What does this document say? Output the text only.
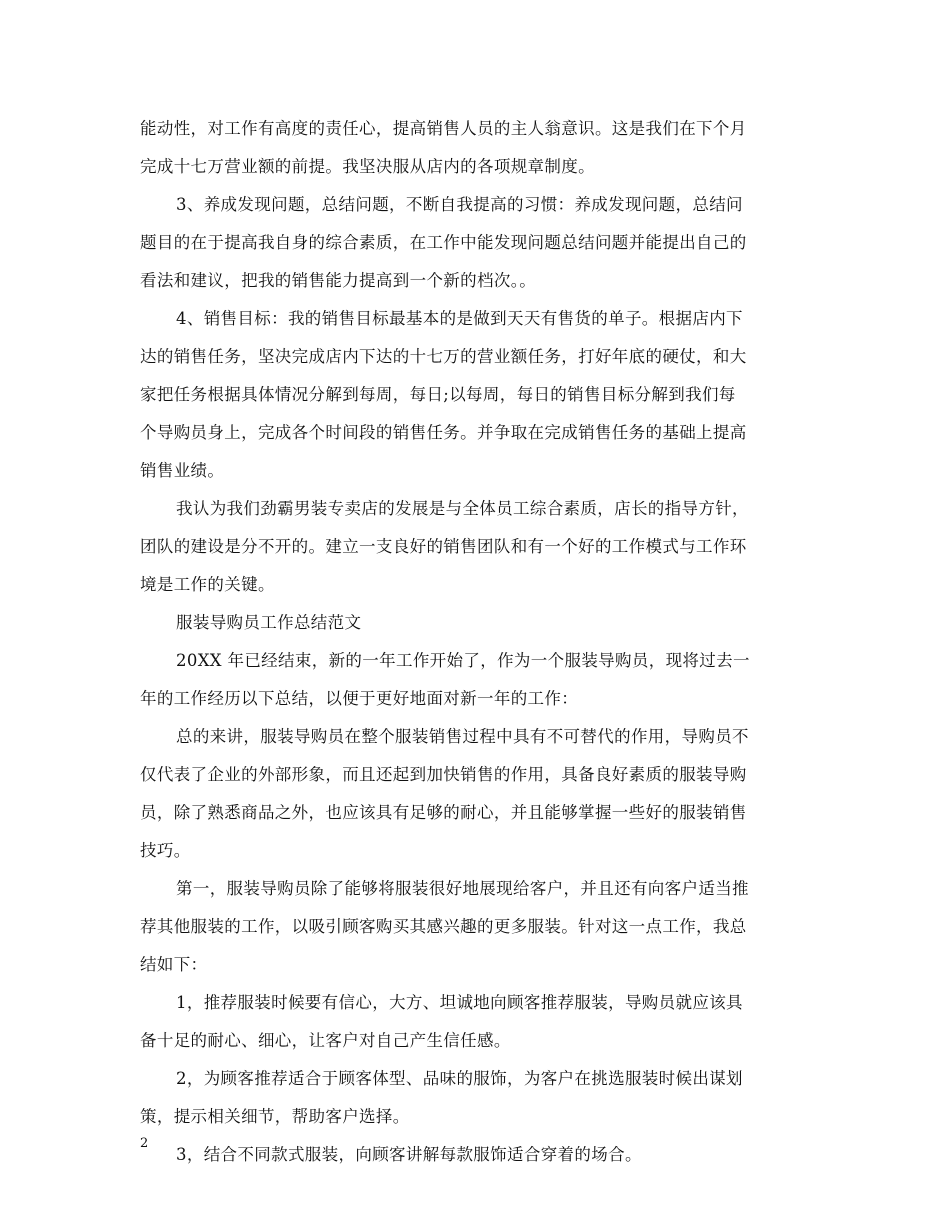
能动性，对工作有高度的责任心，提高销售人员的主人翁意识。这是我们在下个月
完成十七万营业额的前提。我坚决服从店内的各项规章制度。
3、养成发现问题，总结问题，不断自我提高的习惯：养成发现问题，总结问
题目的在于提高我自身的综合素质，在工作中能发现问题总结问题并能提出自己的
看法和建议，把我的销售能力提高到一个新的档次。。
4、销售目标：我的销售目标最基本的是做到天天有售货的单子。根据店内下
达的销售任务，坚决完成店内下达的十七万的营业额任务，打好年底的硬仗，和大
家把任务根据具体情况分解到每周，每日;以每周，每日的销售目标分解到我们每
个导购员身上，完成各个时间段的销售任务。并争取在完成销售任务的基础上提高
销售业绩。
我认为我们劲霸男装专卖店的发展是与全体员工综合素质，店长的指导方针，
团队的建设是分不开的。建立一支良好的销售团队和有一个好的工作模式与工作环
境是工作的关键。
服装导购员工作总结范文
20XX 年已经结束，新的一年工作开始了，作为一个服装导购员，现将过去一
年的工作经历以下总结，以便于更好地面对新一年的工作：
总的来讲，服装导购员在整个服装销售过程中具有不可替代的作用，导购员不
仅代表了企业的外部形象，而且还起到加快销售的作用，具备良好素质的服装导购
员，除了熟悉商品之外，也应该具有足够的耐心，并且能够掌握一些好的服装销售
技巧。
第一，服装导购员除了能够将服装很好地展现给客户，并且还有向客户适当推
荐其他服装的工作，以吸引顾客购买其感兴趣的更多服装。针对这一点工作，我总
结如下：
1，推荐服装时候要有信心，大方、坦诚地向顾客推荐服装，导购员就应该具
备十足的耐心、细心，让客户对自己产生信任感。
2，为顾客推荐适合于顾客体型、品味的服饰，为客户在挑选服装时候出谋划
策，提示相关细节，帮助客户选择。
3，结合不同款式服装，向顾客讲解每款服饰适合穿着的场合。
2
